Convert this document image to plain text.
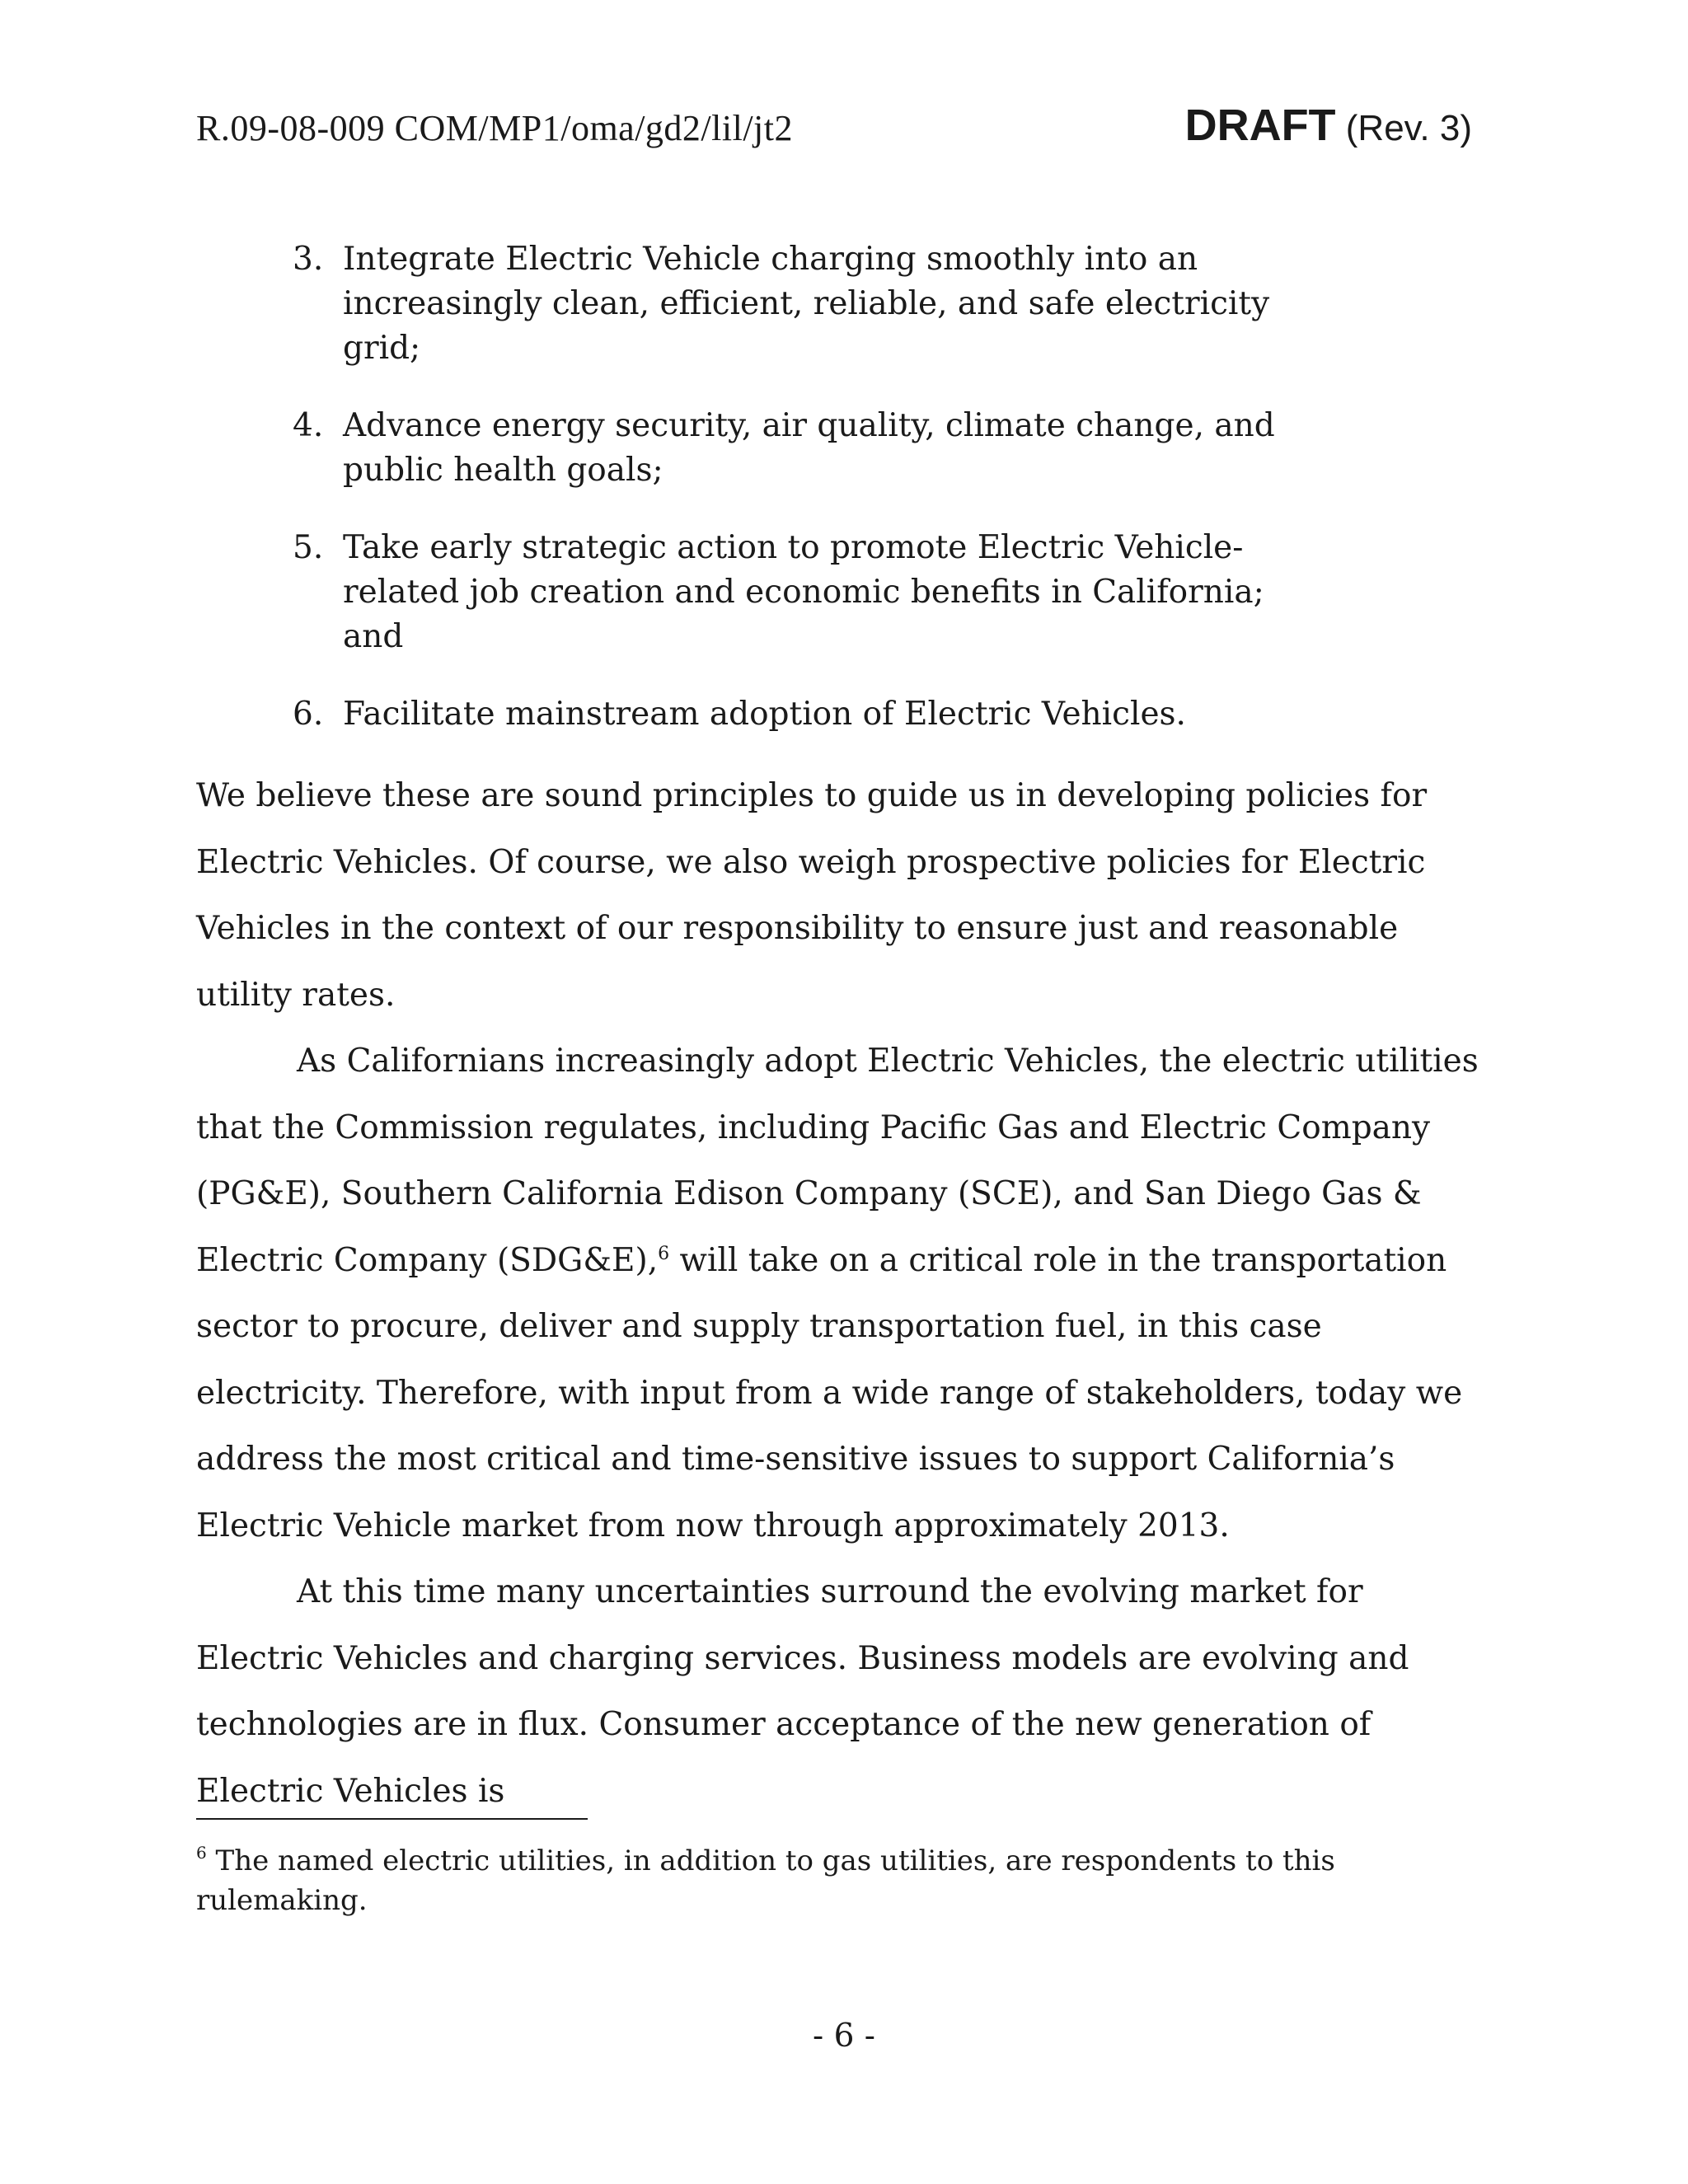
R.09-08-009 COM/MP1/oma/gd2/lil/jt2	DRAFT (Rev. 3)
3. Integrate Electric Vehicle charging smoothly into an increasingly clean, efficient, reliable, and safe electricity grid;
4. Advance energy security, air quality, climate change, and public health goals;
5. Take early strategic action to promote Electric Vehicle-related job creation and economic benefits in California; and
6. Facilitate mainstream adoption of Electric Vehicles.

We believe these are sound principles to guide us in developing policies for Electric Vehicles. Of course, we also weigh prospective policies for Electric Vehicles in the context of our responsibility to ensure just and reasonable utility rates.

As Californians increasingly adopt Electric Vehicles, the electric utilities that the Commission regulates, including Pacific Gas and Electric Company (PG&E), Southern California Edison Company (SCE), and San Diego Gas & Electric Company (SDG&E),$^6$ will take on a critical role in the transportation sector to procure, deliver and supply transportation fuel, in this case electricity. Therefore, with input from a wide range of stakeholders, today we address the most critical and time-sensitive issues to support California’s Electric Vehicle market from now through approximately 2013.

At this time many uncertainties surround the evolving market for Electric Vehicles and charging services. Business models are evolving and technologies are in flux. Consumer acceptance of the new generation of Electric Vehicles is

$^6$ The named electric utilities, in addition to gas utilities, are respondents to this rulemaking.
- 6 -
